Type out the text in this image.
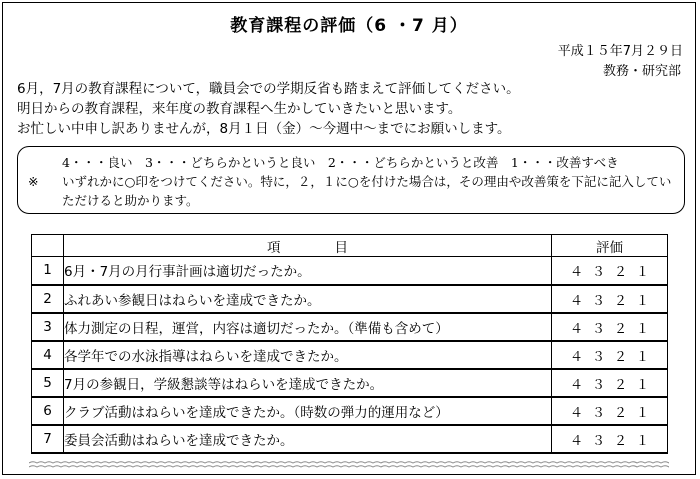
教育課程の評価（6 ・7 月）
平成１５年7月２９日
教務・研究部
6月，7月の教育課程について，職員会での学期反省も踏まえて評価してください。
明日からの教育課程，来年度の教育課程へ生かしていきたいと思います。
お忙しい中申し訳ありませんが，8月１日（金）～今週中～までにお願いします。
4・・・良い　3・・・どちらかというと良い　2・・・どちらかというと改善　1・・・改善すべき
※ いずれかに○印をつけてください。特に，２，１に○を付けた場合は，その理由や改善策を下記に記入していただけると助かります。
	項　　　　目	評価
1	6月・7月の月行事計画は適切だったか。	４ ３ ２ １
2	ふれあい参観日はねらいを達成できたか。	４ ３ ２ １
3	体力測定の日程，運営，内容は適切だったか。（準備も含めて）	４ ３ ２ １
4	各学年での水泳指導はねらいを達成できたか。	４ ３ ２ １
5	7月の参観日，学級懇談等はねらいを達成できたか。	４ ３ ２ １
6	クラブ活動はねらいを達成できたか。（時数の弾力的運用など）	４ ３ ２ １
7	委員会活動はねらいを達成できたか。	４ ３ ２ １
